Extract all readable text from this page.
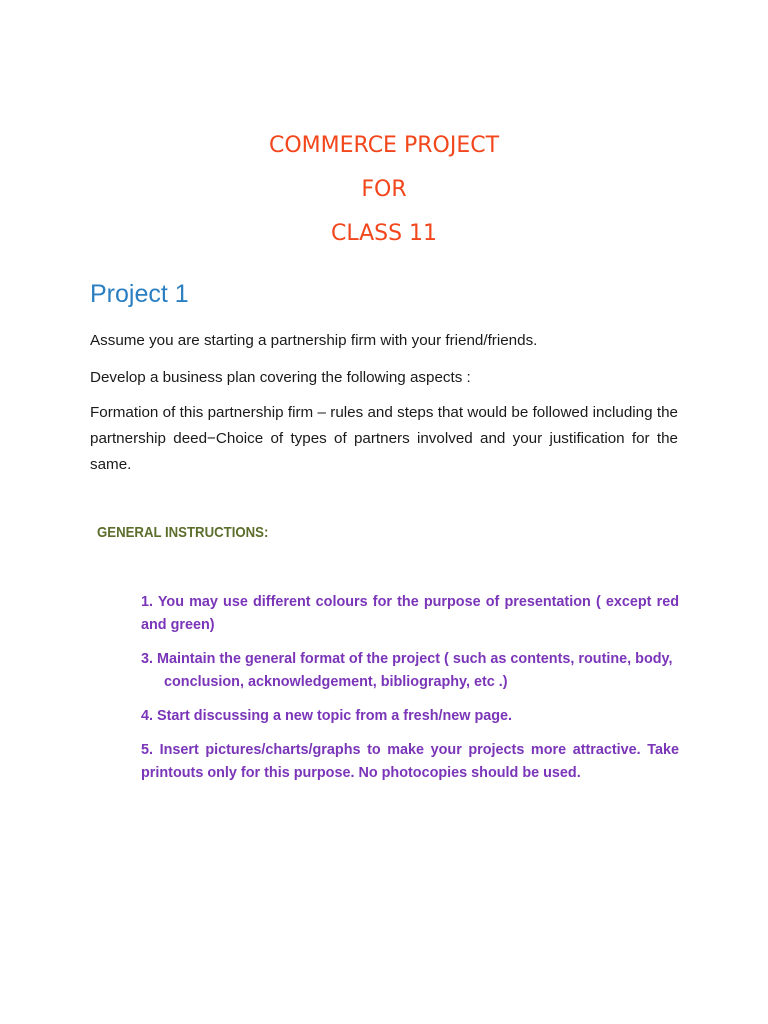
COMMERCE PROJECT
FOR
CLASS 11
Project 1
Assume you are starting a partnership firm with your friend/friends.
Develop a business plan covering the following aspects :
Formation of this partnership firm – rules and steps that would be followed including the partnership deed−Choice of types of partners involved and your justification for the same.
GENERAL INSTRUCTIONS:
1. You may use different colours for the purpose of presentation ( except red and green)
3. Maintain the general format of the project ( such as contents, routine, body, conclusion, acknowledgement, bibliography, etc .)
4. Start discussing a new topic from a fresh/new page.
5. Insert pictures/charts/graphs to make your projects more attractive. Take printouts only for this purpose. No photocopies should be used.
